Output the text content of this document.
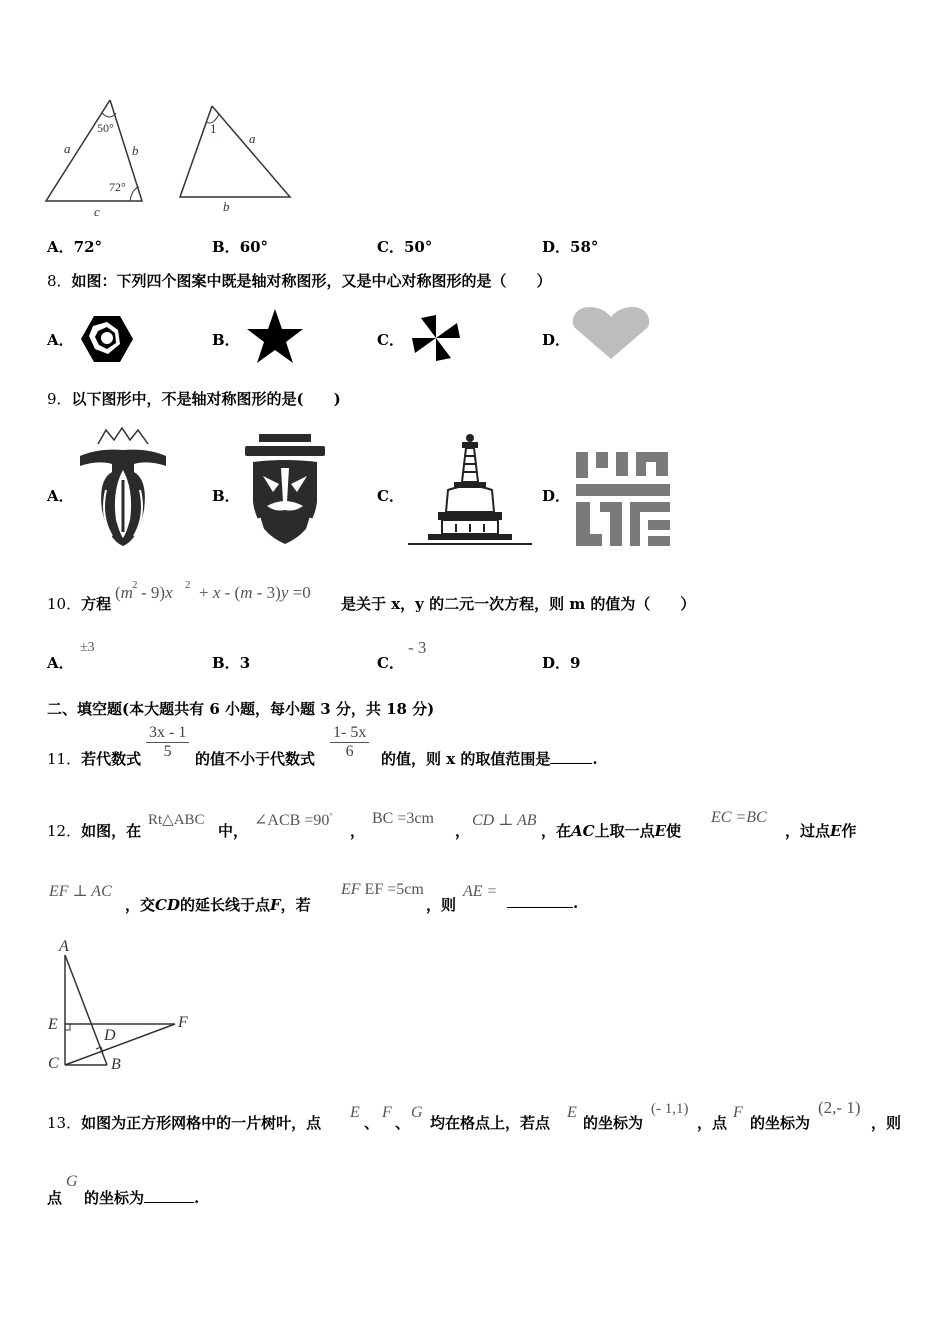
50°
72°
a	b
c
1
a
b
A．72°	B．60°	C．50°	D．58°
8．如图：下列四个图案中既是轴对称图形，又是中心对称图形的是（　　）
A．	B．	C．	D．
9．以下图形中，不是轴对称图形的是(　　)
A．	B．	C．	D．
10．方程
(m 2 - 9)x 2 + x - (m - 3)y =0
是关于 x，y 的二元一次方程，则 m 的值为（　　）
A．
±3
B．3	C．
- 3
D．9
二、填空题(本大题共有 6 小题，每小题 3 分，共 18 分)
11．若代数式 $\frac{3x - 1}{5}$ 的值不小于代数式 $\frac{1- 5x}{6}$ 的值，则 x 的取值范围是	.
12．如图，在
Rt△ABC
中，
∠ACB =90°
，
BC =3cm
，
CD ⊥ AB
，在AC上取一点E使
EC =BC
，过点E作
EF ⊥ AC
，交CD的延长线于点F，若
EF EF =5cm
，则
AE =
.
A
E
C
D
B
F
13．如图为正方形网格中的一片树叶，点
E
、
F
、
G
均在格点上，若点
E
的坐标为
(- 1,1)
，点
F
的坐标为
(2,- 1)
，则
点
G
的坐标为	.
